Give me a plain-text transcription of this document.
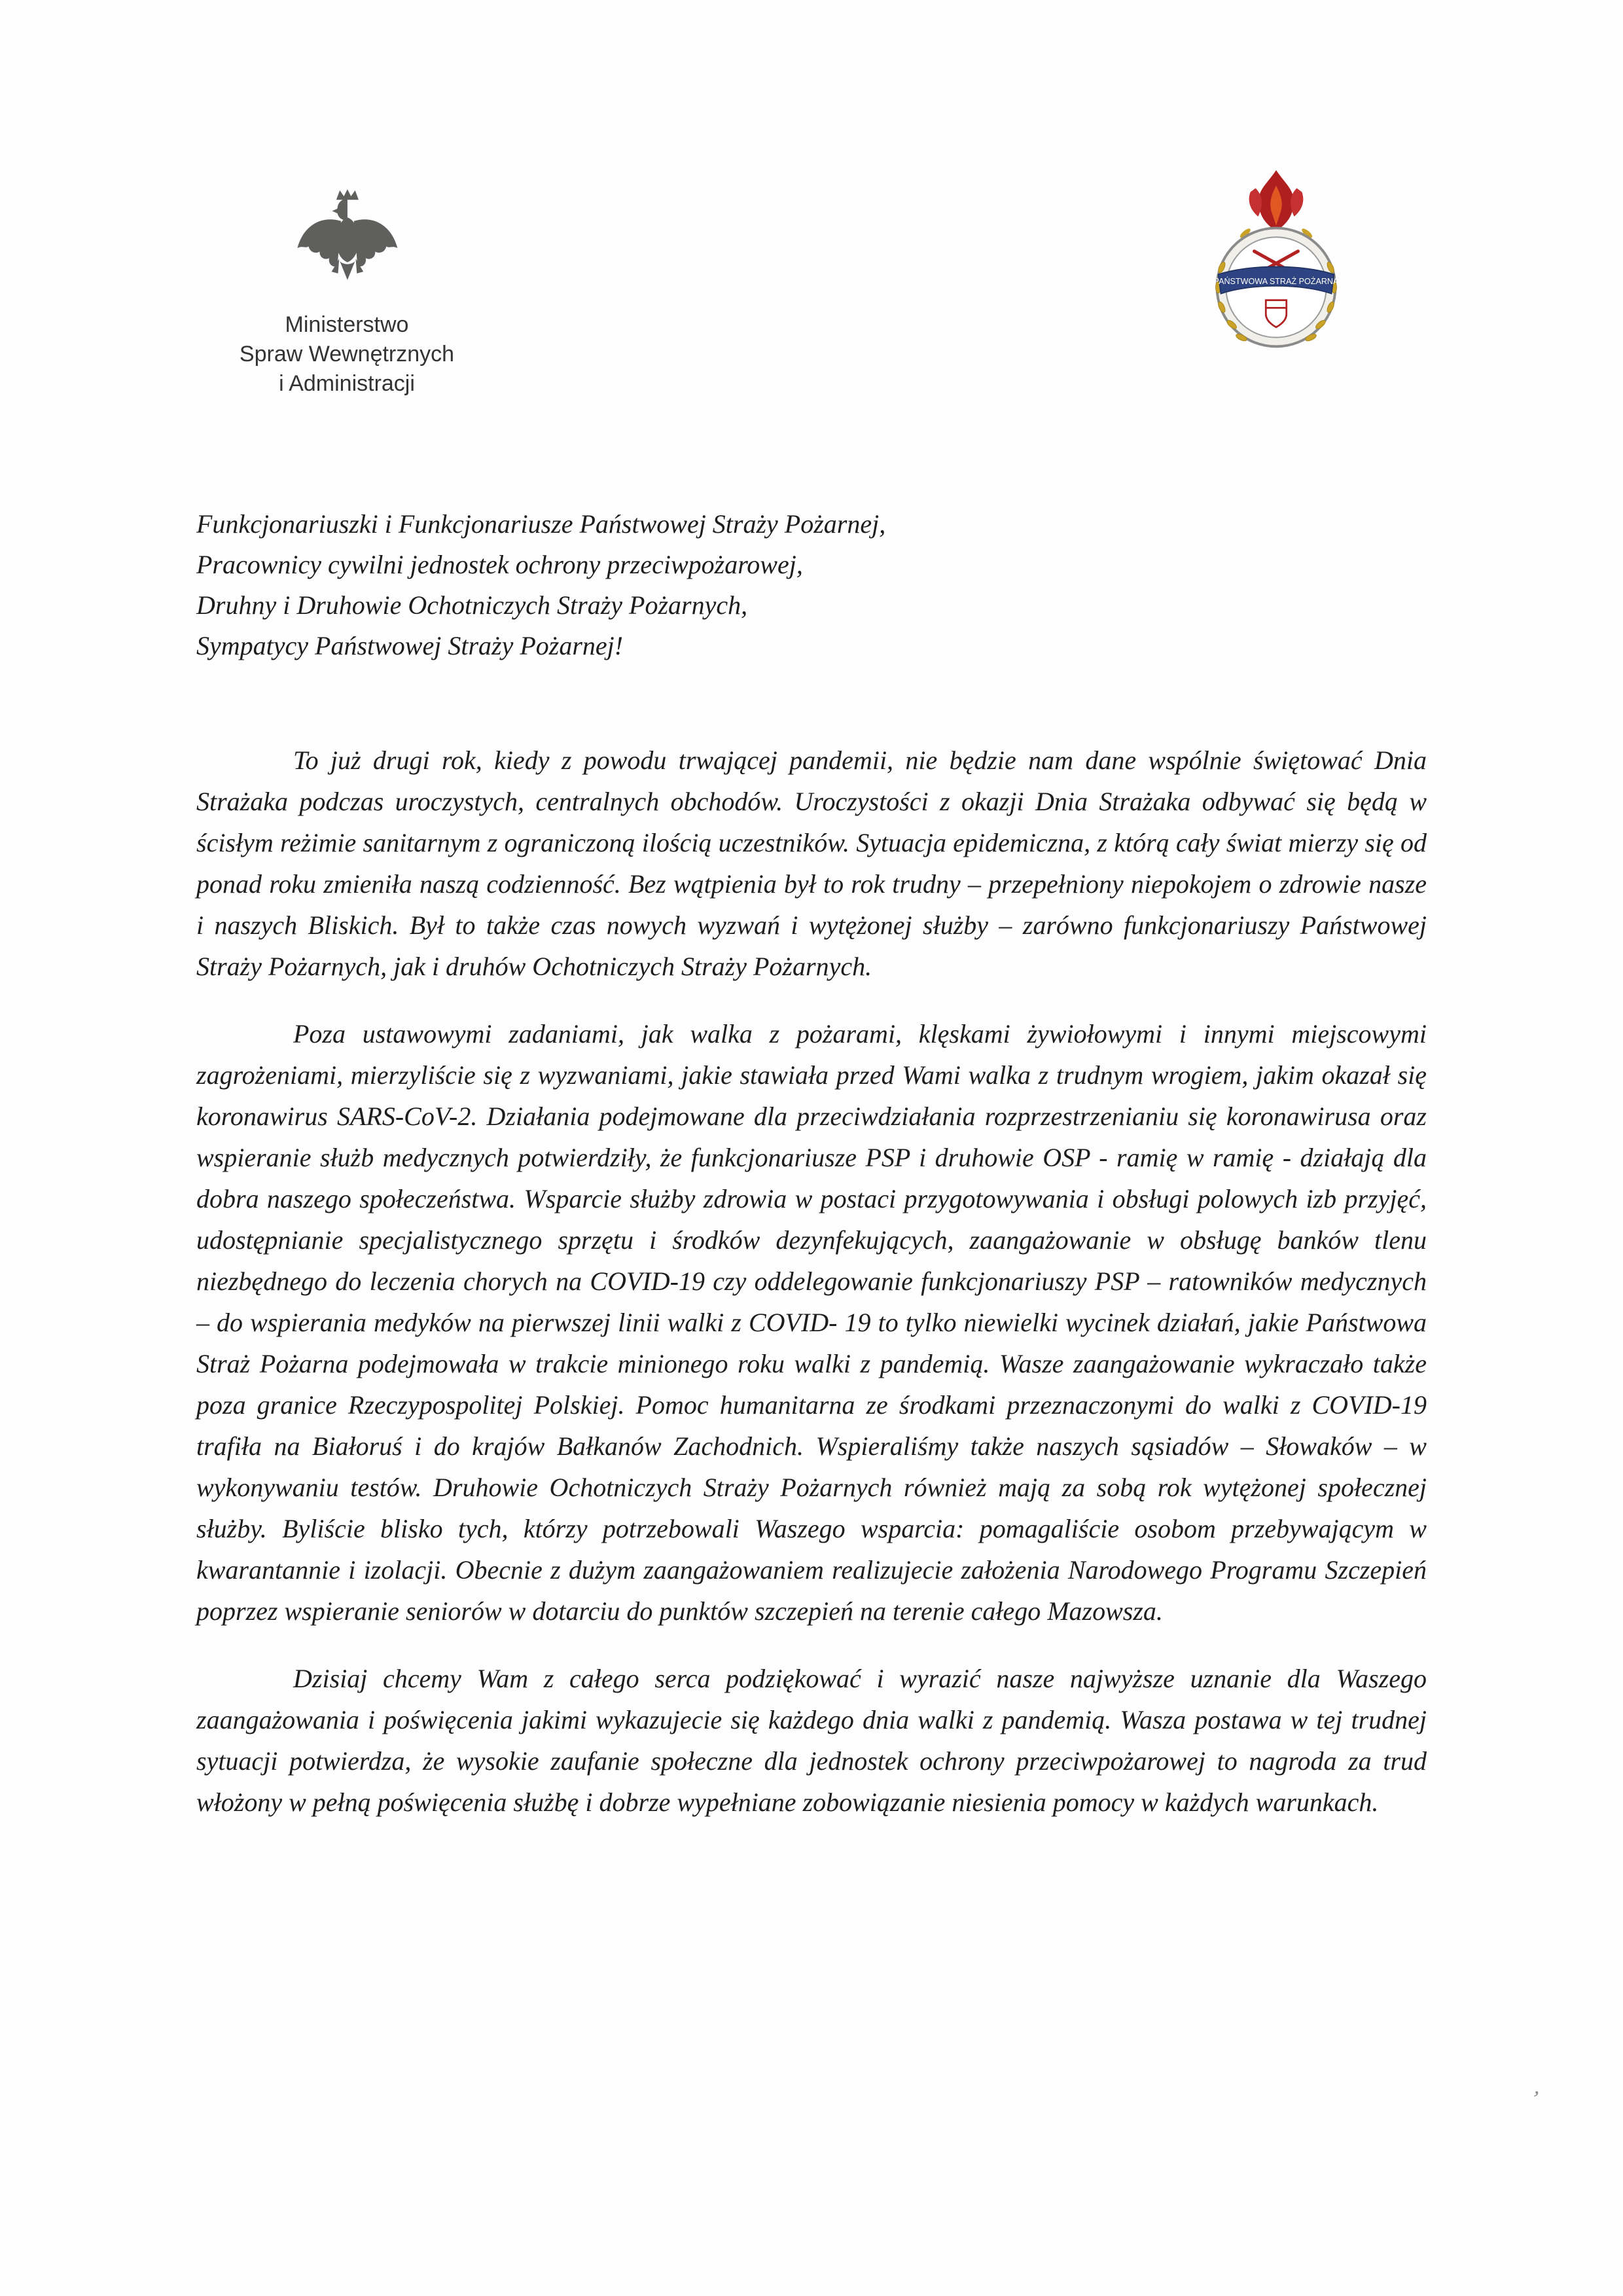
Ministerstwo
Spraw Wewnętrznych
i Administracji
PAŃSTWOWA STRAŻ POŻARNA
Funkcjonariuszki i Funkcjonariusze Państwowej Straży Pożarnej,
Pracownicy cywilni jednostek ochrony przeciwpożarowej,
Druhny i Druhowie Ochotniczych Straży Pożarnych,
Sympatycy Państwowej Straży Pożarnej!

To już drugi rok, kiedy z powodu trwającej pandemii, nie będzie nam dane wspólnie świętować Dnia Strażaka podczas uroczystych, centralnych obchodów. Uroczystości z okazji Dnia Strażaka odbywać się będą w ścisłym reżimie sanitarnym z ograniczoną ilością uczestników. Sytuacja epidemiczna, z którą cały świat mierzy się od ponad roku zmieniła naszą codzienność. Bez wątpienia był to rok trudny – przepełniony niepokojem o zdrowie nasze i naszych Bliskich. Był to także czas nowych wyzwań i wytężonej służby – zarówno funkcjonariuszy Państwowej Straży Pożarnych, jak i druhów Ochotniczych Straży Pożarnych.

Poza ustawowymi zadaniami, jak walka z pożarami, klęskami żywiołowymi i innymi miejscowymi zagrożeniami, mierzyliście się z wyzwaniami, jakie stawiała przed Wami walka z trudnym wrogiem, jakim okazał się koronawirus SARS-CoV-2. Działania podejmowane dla przeciwdziałania rozprzestrzenianiu się koronawirusa oraz wspieranie służb medycznych potwierdziły, że funkcjonariusze PSP i druhowie OSP - ramię w ramię - działają dla dobra naszego społeczeństwa. Wsparcie służby zdrowia w postaci przygotowywania i obsługi polowych izb przyjęć, udostępnianie specjalistycznego sprzętu i środków dezynfekujących, zaangażowanie w obsługę banków tlenu niezbędnego do leczenia chorych na COVID-19 czy oddelegowanie funkcjonariuszy PSP – ratowników medycznych – do wspierania medyków na pierwszej linii walki z COVID- 19 to tylko niewielki wycinek działań, jakie Państwowa Straż Pożarna podejmowała w trakcie minionego roku walki z pandemią. Wasze zaangażowanie wykraczało także poza granice Rzeczypospolitej Polskiej. Pomoc humanitarna ze środkami przeznaczonymi do walki z COVID-19 trafiła na Białoruś i do krajów Bałkanów Zachodnich. Wspieraliśmy także naszych sąsiadów – Słowaków – w wykonywaniu testów. Druhowie Ochotniczych Straży Pożarnych również mają za sobą rok wytężonej społecznej służby. Byliście blisko tych, którzy potrzebowali Waszego wsparcia: pomagaliście osobom przebywającym w kwarantannie i izolacji. Obecnie z dużym zaangażowaniem realizujecie założenia Narodowego Programu Szczepień poprzez wspieranie seniorów w dotarciu do punktów szczepień na terenie całego Mazowsza.

Dzisiaj chcemy Wam z całego serca podziękować i wyrazić nasze najwyższe uznanie dla Waszego zaangażowania i poświęcenia jakimi wykazujecie się każdego dnia walki z pandemią. Wasza postawa w tej trudnej sytuacji potwierdza, że wysokie zaufanie społeczne dla jednostek ochrony przeciwpożarowej to nagroda za trud włożony w pełną poświęcenia służbę i dobrze wypełniane zobowiązanie niesienia pomocy w każdych warunkach.

’
